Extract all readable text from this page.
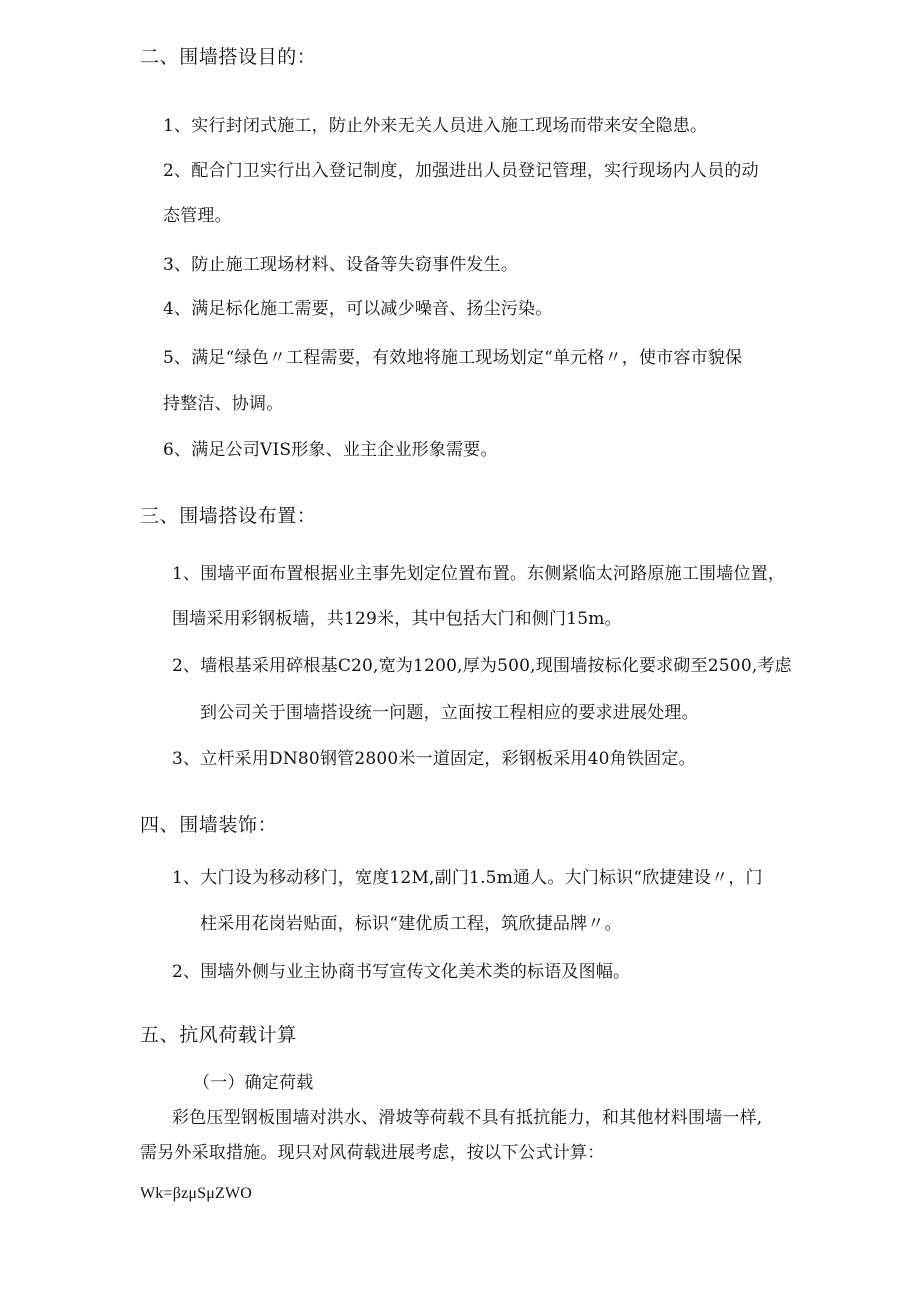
二、围墙搭设目的：
1、实行封闭式施工，防止外来无关人员进入施工现场而带来安全隐患。
2、配合门卫实行出入登记制度，加强进出人员登记管理，实行现场内人员的动
态管理。
3、防止施工现场材料、设备等失窃事件发生。
4、满足标化施工需要，可以减少噪音、扬尘污染。
5、满足“绿色〃工程需要，有效地将施工现场划定“单元格〃，使市容市貌保
持整洁、协调。
6、满足公司VIS形象、业主企业形象需要。
三、围墙搭设布置：
1、围墙平面布置根据业主事先划定位置布置。东侧紧临太河路原施工围墙位置，
围墙采用彩钢板墙，共129米，其中包括大门和侧门15m。
2、墙根基采用碎根基C20,宽为1200,厚为500,现围墙按标化要求砌至2500,考虑
到公司关于围墙搭设统一问题，立面按工程相应的要求进展处理。
3、立杆采用DN80钢管2800米一道固定，彩钢板采用40角铁固定。
四、围墙装饰：
1、大门设为移动移门，宽度12M,副门1.5m通人。大门标识“欣捷建设〃，门
柱采用花岗岩贴面，标识“建优质工程，筑欣捷品牌〃。
2、围墙外侧与业主协商书写宣传文化美术类的标语及图幅。
五、抗风荷载计算
（一）确定荷载
彩色压型钢板围墙对洪水、滑坡等荷载不具有抵抗能力，和其他材料围墙一样,
需另外采取措施。现只对风荷载进展考虑，按以下公式计算：
Wk=βzμSμZWO
